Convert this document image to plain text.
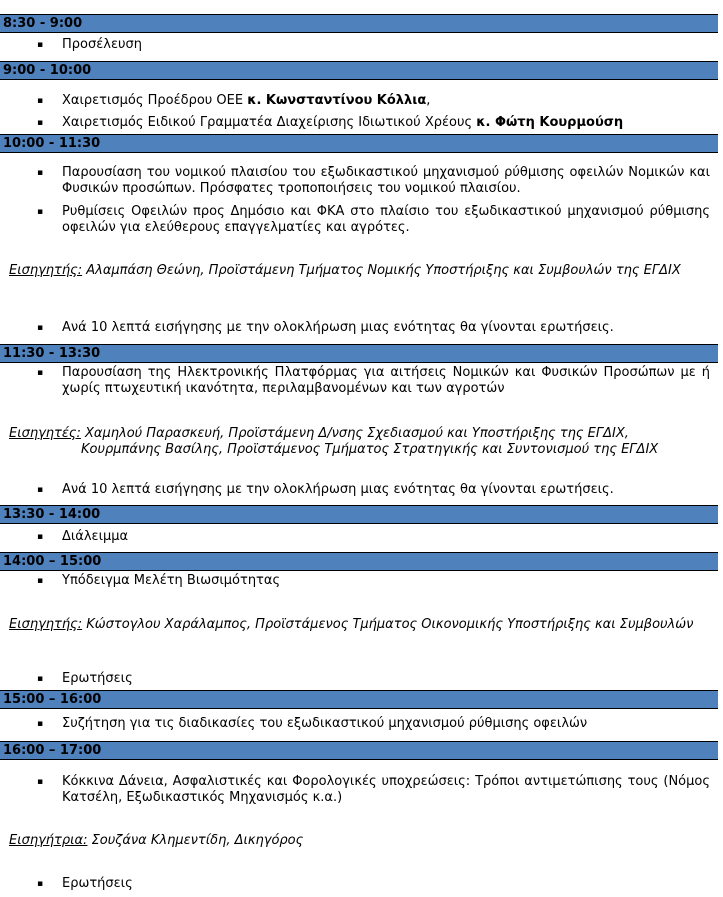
8:30 - 9:00
▪ Προσέλευση
9:00 - 10:00
▪ Χαιρετισμός Προέδρου ΟΕΕ κ. Κωνσταντίνου Κόλλια,
▪ Χαιρετισμός Ειδικού Γραμματέα Διαχείρισης Ιδιωτικού Χρέους κ. Φώτη Κουρμούση
10:00 - 11:30
▪ Παρουσίαση του νομικού πλαισίου του εξωδικαστικού μηχανισμού ρύθμισης οφειλών Νομικών και Φυσικών προσώπων. Πρόσφατες τροποποιήσεις του νομικού πλαισίου.
▪ Ρυθμίσεις Οφειλών προς Δημόσιο και ΦΚΑ στο πλαίσιο του εξωδικαστικού μηχανισμού ρύθμισης οφειλών για ελεύθερους επαγγελματίες και αγρότες.
Εισηγητής: Αλαμπάση Θεώνη, Προϊστάμενη Τμήματος Νομικής Υποστήριξης και Συμβουλών της ΕΓΔΙΧ
▪ Ανά 10 λεπτά εισήγησης με την ολοκλήρωση μιας ενότητας θα γίνονται ερωτήσεις.
11:30 - 13:30
▪ Παρουσίαση της Ηλεκτρονικής Πλατφόρμας για αιτήσεις Νομικών και Φυσικών Προσώπων με ή χωρίς πτωχευτική ικανότητα, περιλαμβανομένων και των αγροτών
Εισηγητές: Χαμηλού Παρασκευή, Προϊστάμενη Δ/νσης Σχεδιασμού και Υποστήριξης της ΕΓΔΙΧ,
Κουρμπάνης Βασίλης, Προϊστάμενος Τμήματος Στρατηγικής και Συντονισμού της ΕΓΔΙΧ
▪ Ανά 10 λεπτά εισήγησης με την ολοκλήρωση μιας ενότητας θα γίνονται ερωτήσεις.
13:30 - 14:00
▪ Διάλειμμα
14:00 – 15:00
▪ Υπόδειγμα Μελέτη Βιωσιμότητας
Εισηγητής: Κώστογλου Χαράλαμπος, Προϊστάμενος Τμήματος Οικονομικής Υποστήριξης και Συμβουλών
▪ Ερωτήσεις
15:00 – 16:00
▪ Συζήτηση για τις διαδικασίες του εξωδικαστικού μηχανισμού ρύθμισης οφειλών
16:00 – 17:00
▪ Κόκκινα Δάνεια, Ασφαλιστικές και Φορολογικές υποχρεώσεις: Τρόποι αντιμετώπισης τους (Νόμος Κατσέλη, Εξωδικαστικός Μηχανισμός κ.α.)
Εισηγήτρια: Σουζάνα Κλημεντίδη, Δικηγόρος
▪ Ερωτήσεις
